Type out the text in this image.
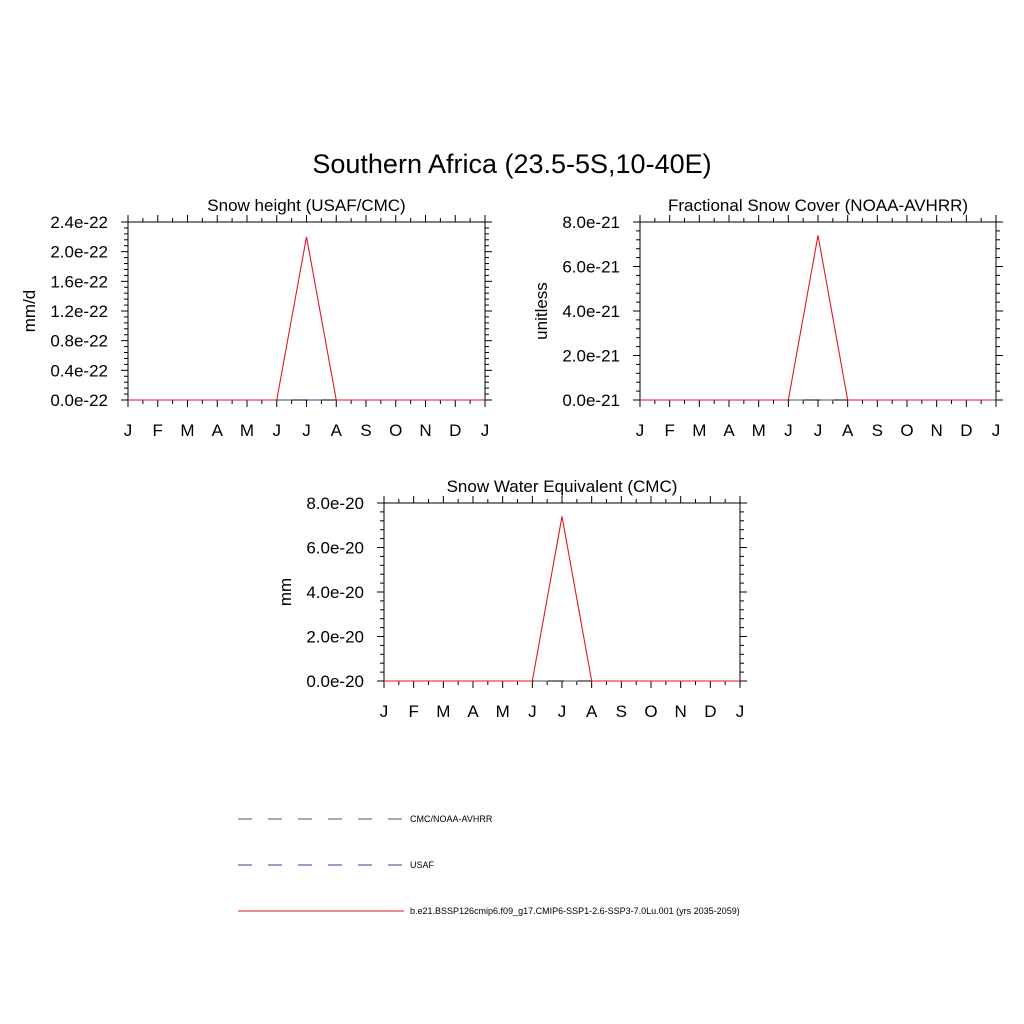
Southern Africa (23.5-5S,10-40E)
Snow height (USAF/CMC)
mm/d
J F M A M J J A S O N D J
0.0e-22
0.4e-22
0.8e-22
1.2e-22
1.6e-22
2.0e-22
2.4e-22
Fractional Snow Cover (NOAA-AVHRR)
unitless
J F M A M J J A S O N D J
0.0e-21
2.0e-21
4.0e-21
6.0e-21
8.0e-21
Snow Water Equivalent (CMC)
mm
J F M A M J J A S O N D J
0.0e-20
2.0e-20
4.0e-20
6.0e-20
8.0e-20
CMC/NOAA-AVHRR
USAF
b.e21.BSSP126cmip6.f09_g17.CMIP6-SSP1-2.6-SSP3-7.0Lu.001 (yrs 2035-2059)
